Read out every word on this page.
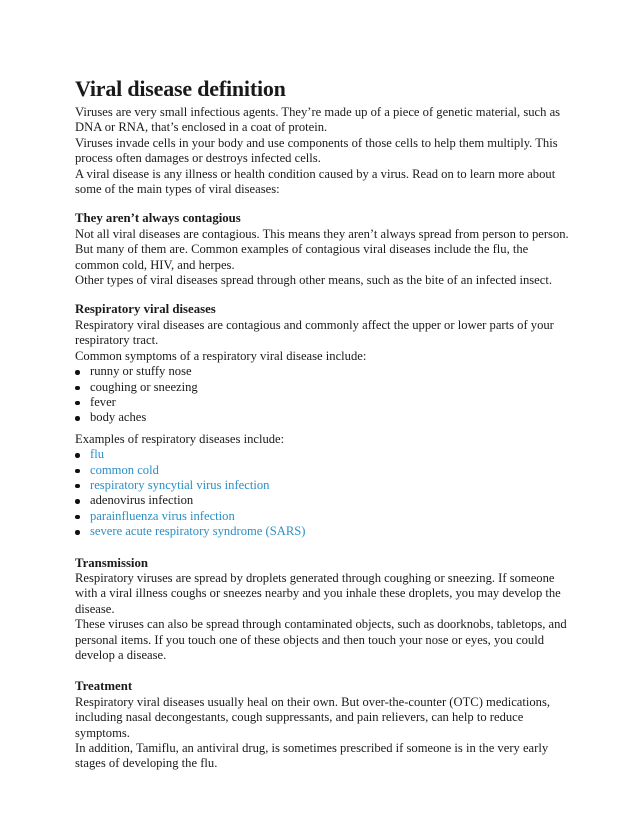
Viral disease definition

Viruses are very small infectious agents. They’re made up of a piece of genetic material, such as DNA or RNA, that’s enclosed in a coat of protein.

Viruses invade cells in your body and use components of those cells to help them multiply. This process often damages or destroys infected cells.

A viral disease is any illness or health condition caused by a virus. Read on to learn more about some of the main types of viral diseases:

They aren’t always contagious

Not all viral diseases are contagious. This means they aren’t always spread from person to person. But many of them are. Common examples of contagious viral diseases include the flu, the common cold, HIV, and herpes.

Other types of viral diseases spread through other means, such as the bite of an infected insect.

Respiratory viral diseases

Respiratory viral diseases are contagious and commonly affect the upper or lower parts of your respiratory tract.

Common symptoms of a respiratory viral disease include:

runny or stuffy nose
coughing or sneezing
fever
body aches

Examples of respiratory diseases include:

flu
common cold
respiratory syncytial virus infection
adenovirus infection
parainfluenza virus infection
severe acute respiratory syndrome (SARS)
Transmission

Respiratory viruses are spread by droplets generated through coughing or sneezing. If someone with a viral illness coughs or sneezes nearby and you inhale these droplets, you may develop the disease.

These viruses can also be spread through contaminated objects, such as doorknobs, tabletops, and personal items. If you touch one of these objects and then touch your nose or eyes, you could develop a disease.

Treatment

Respiratory viral diseases usually heal on their own. But over-the-counter (OTC) medications, including nasal decongestants, cough suppressants, and pain relievers, can help to reduce symptoms.

In addition, Tamiflu, an antiviral drug, is sometimes prescribed if someone is in the very early stages of developing the flu.
